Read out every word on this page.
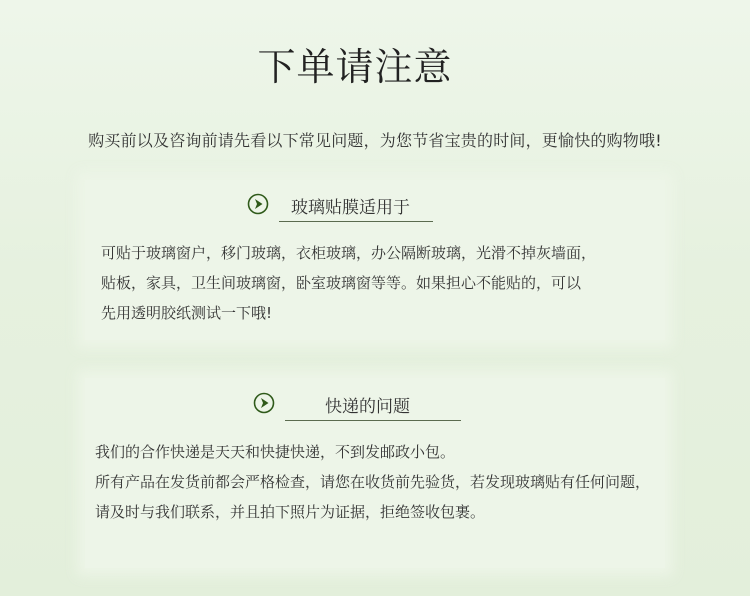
下单请注意
购买前以及咨询前请先看以下常见问题，为您节省宝贵的时间，更愉快的购物哦!
玻璃贴膜适用于
可贴于玻璃窗户，移门玻璃，衣柜玻璃，办公隔断玻璃，光滑不掉灰墙面，
贴板，家具，卫生间玻璃窗，卧室玻璃窗等等。如果担心不能贴的，可以
先用透明胶纸测试一下哦!
快递的问题
我们的合作快递是天天和快捷快递，不到发邮政小包。
所有产品在发货前都会严格检查，请您在收货前先验货，若发现玻璃贴有任何问题，
请及时与我们联系，并且拍下照片为证据，拒绝签收包裹。
